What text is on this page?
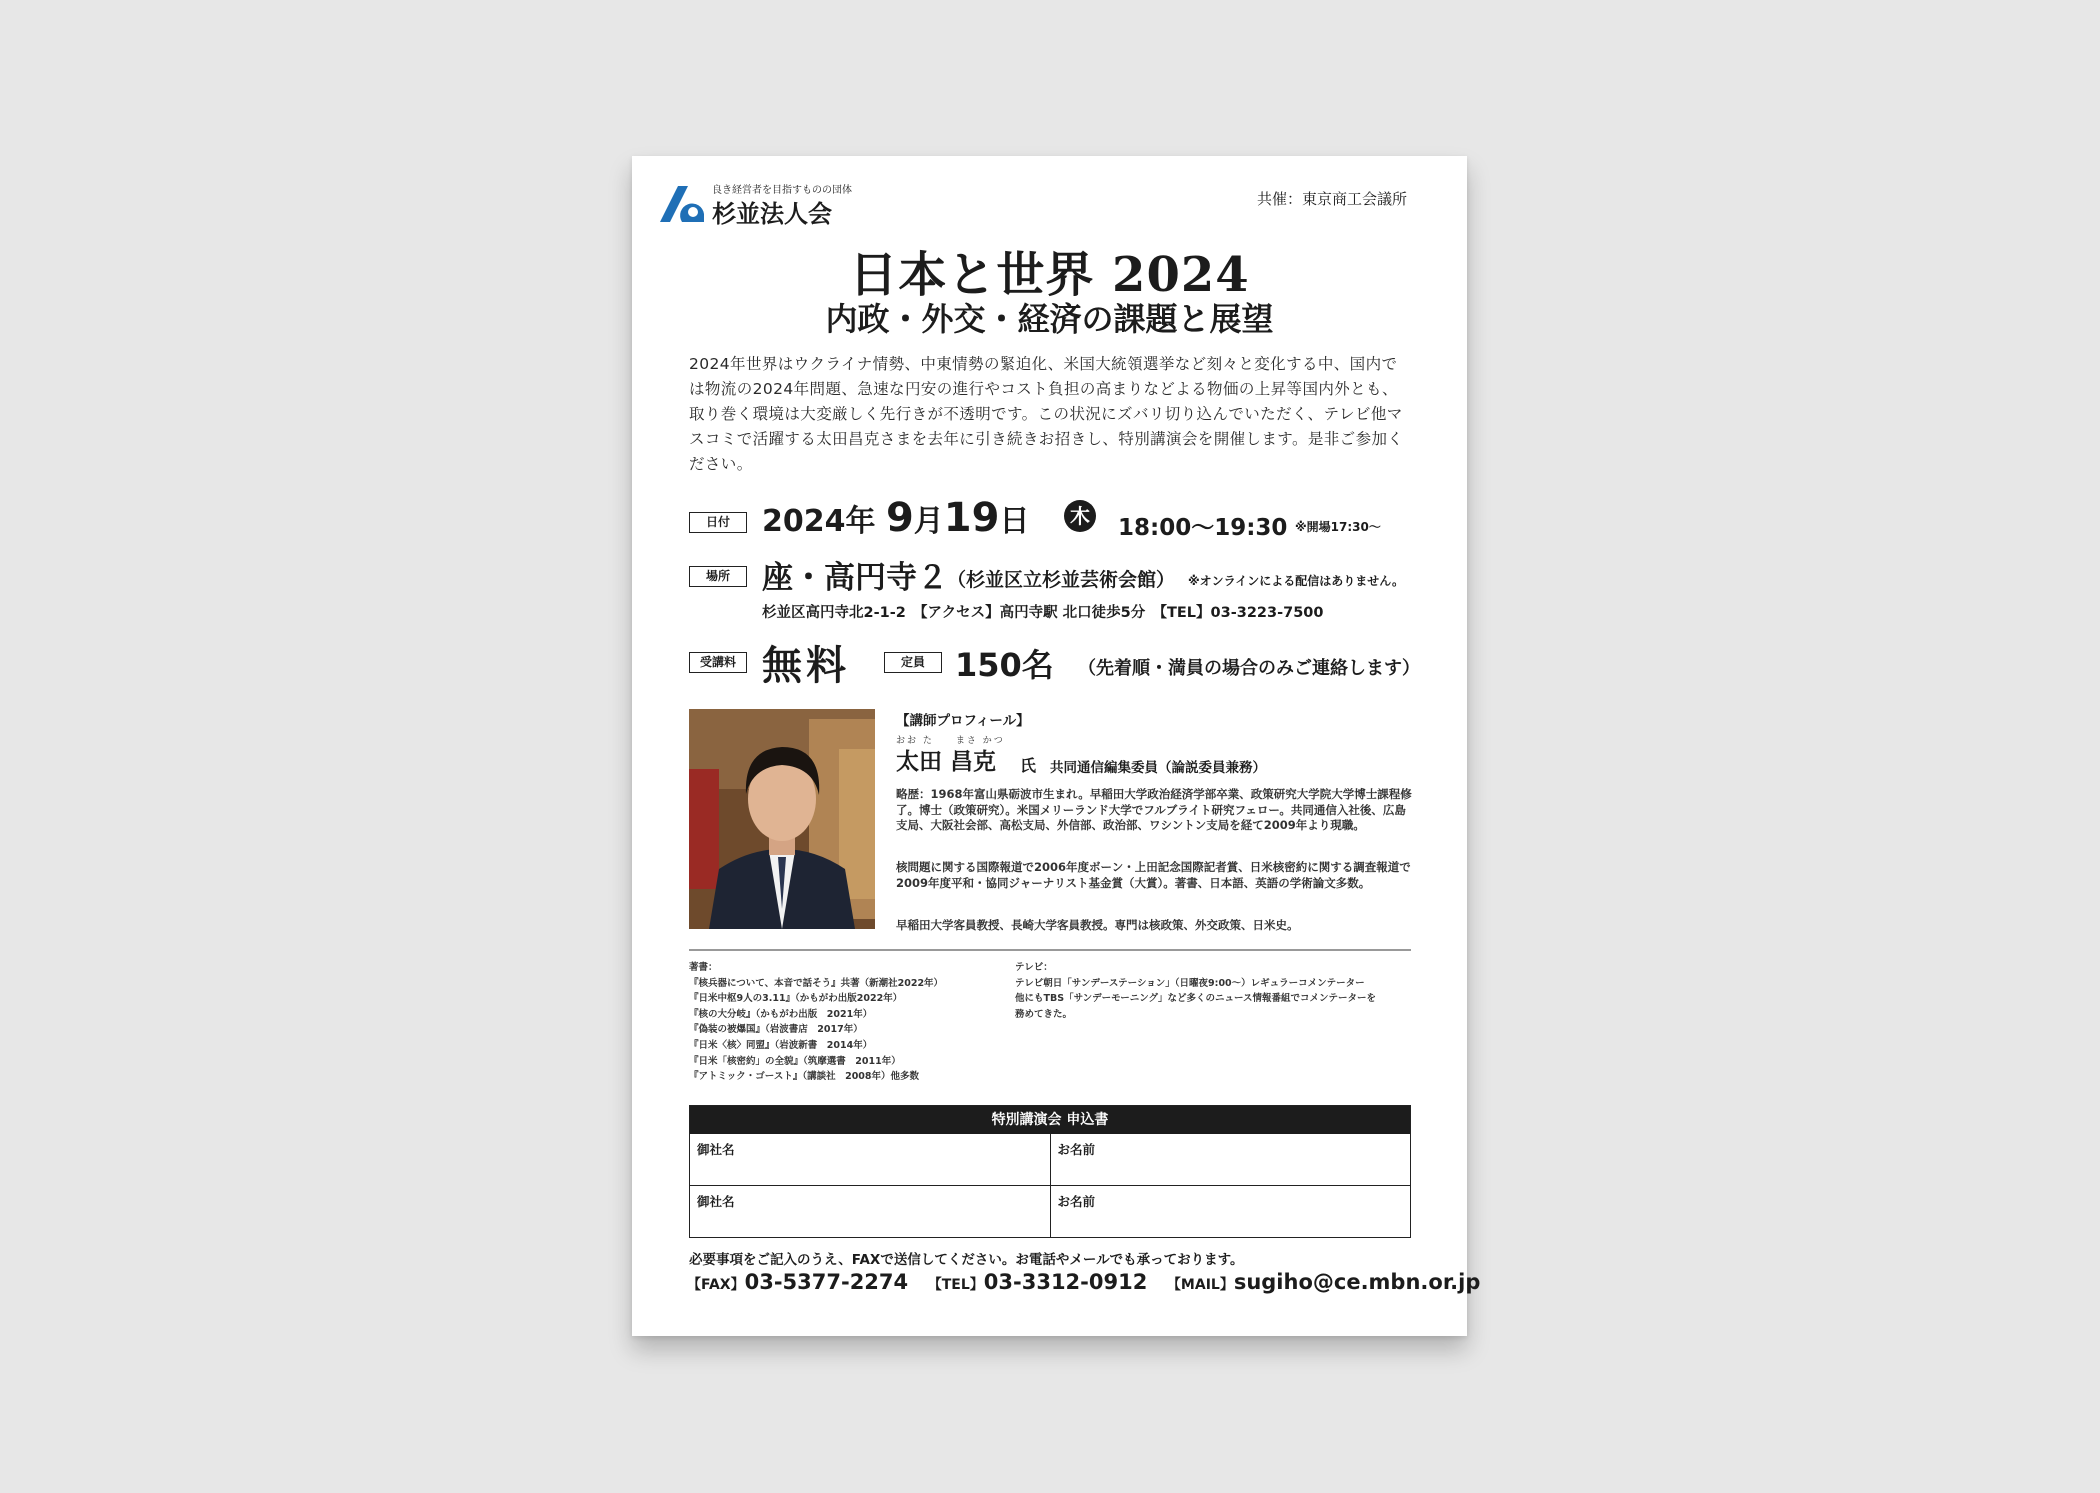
良き経営者を目指すものの団体
杉並法人会
共催：東京商工会議所
日本と世界 2024
内政・外交・経済の課題と展望

2024年世界はウクライナ情勢、中東情勢の緊迫化、米国大統領選挙など刻々と変化する中、国内では物流の2024年問題、急速な円安の進行やコスト負担の高まりなどよる物価の上昇等国内外とも、取り巻く環境は大変厳しく先行きが不透明です。この状況にズバリ切り込んでいただく、テレビ他マスコミで活躍する太田昌克さまを去年に引き続きお招きし、特別講演会を開催します。是非ご参加ください。

日付	2024年 9月19日	木 18:00〜19:30 ※開場17:30〜
場所	座・高円寺２ （杉並区立杉並芸術会館） ※オンラインによる配信はありません。
杉並区高円寺北2-1-2　【アクセス】高円寺駅 北口徒歩5分　【TEL】03-3223-7500
受講料 無料	定員 150名 （先着順・満員の場合のみご連絡します）
【講師プロフィール】
おお た　　まさ かつ
太田 昌克 氏 共同通信編集委員（論説委員兼務）

略歴：1968年富山県砺波市生まれ。早稲田大学政治経済学部卒業、政策研究大学院大学博士課程修了。博士（政策研究）。米国メリーランド大学でフルブライト研究フェロー。共同通信入社後、広島支局、大阪社会部、高松支局、外信部、政治部、ワシントン支局を経て2009年より現職。

核問題に関する国際報道で2006年度ボーン・上田記念国際記者賞、日米核密約に関する調査報道で2009年度平和・協同ジャーナリスト基金賞（大賞）。著書、日本語、英語の学術論文多数。

早稲田大学客員教授、長崎大学客員教授。専門は核政策、外交政策、日米史。

著書：
『核兵器について、本音で話そう』共著（新潮社2022年）
『日米中枢9人の3.11』（かもがわ出版2022年）
『核の大分岐』（かもがわ出版　2021年）
『偽装の被爆国』（岩波書店　2017年）
『日米〈核〉同盟』（岩波新書　2014年）
『日米「核密約」の全貌』（筑摩選書　2011年）
『アトミック・ゴースト』（講談社　2008年）他多数
テレビ：
テレビ朝日「サンデーステーション」（日曜夜9:00〜）レギュラーコメンテーター
他にもTBS「サンデーモーニング」など多くのニュース情報番組でコメンテーターを
務めてきた。
特別講演会 申込書
御社名	お名前
御社名	お名前
必要事項をご記入のうえ、FAXで送信してください。お電話やメールでも承っております。
【FAX】03-5377-2274 【TEL】03-3312-0912 【MAIL】sugiho@ce.mbn.or.jp
